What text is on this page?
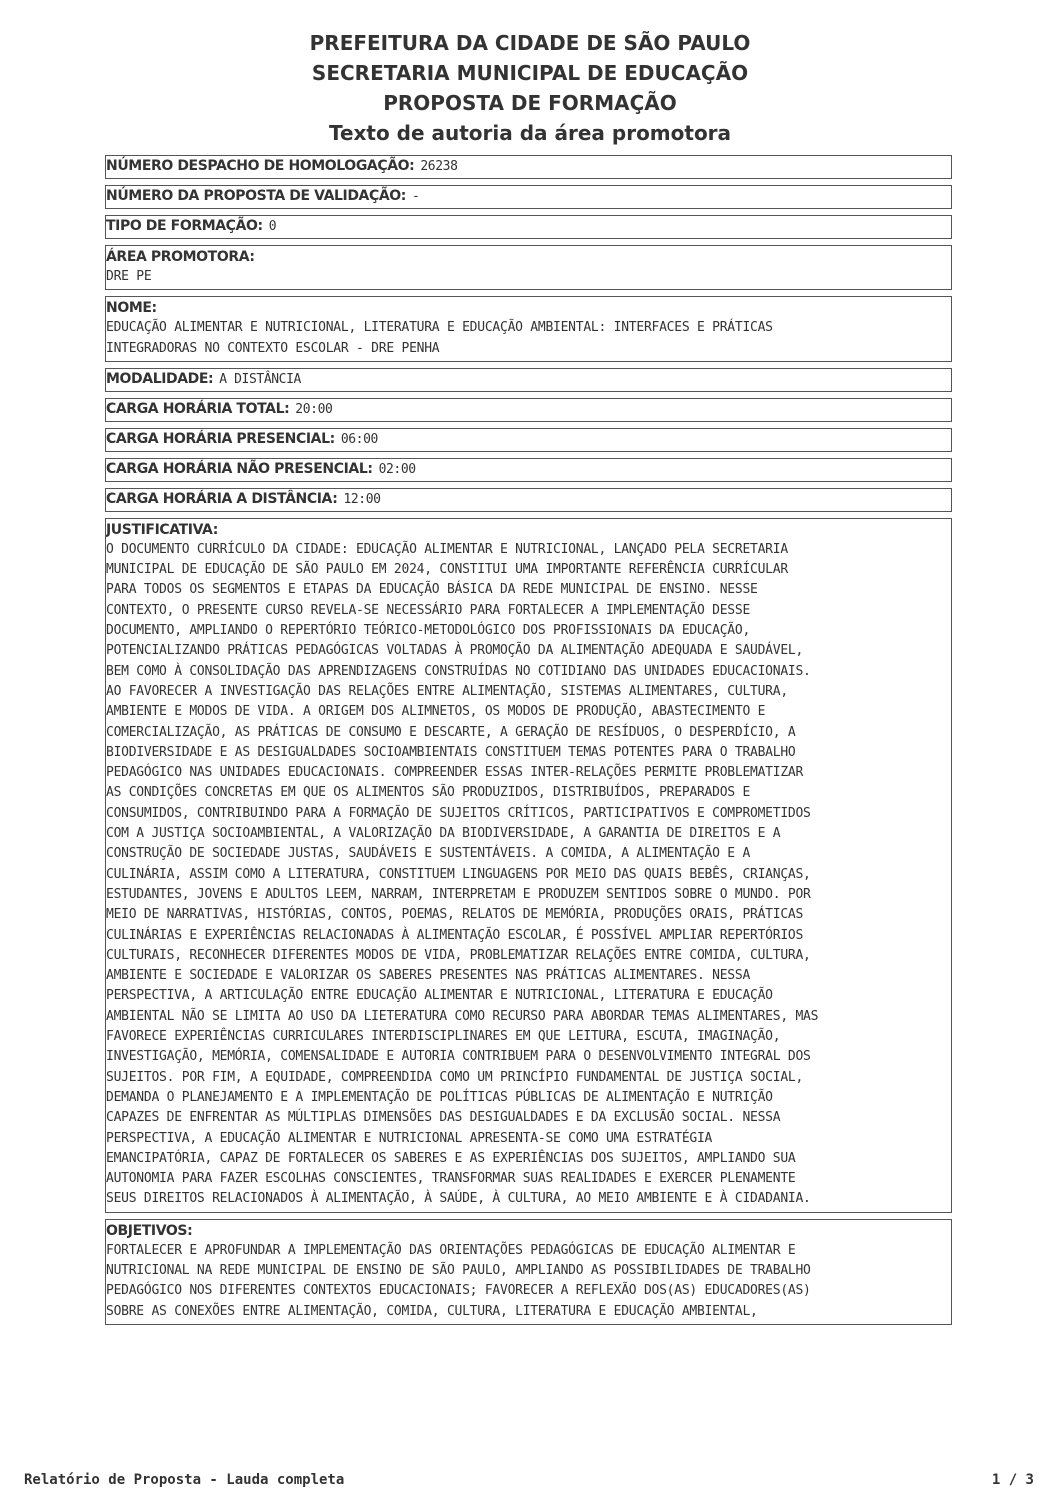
PREFEITURA DA CIDADE DE SÃO PAULO
SECRETARIA MUNICIPAL DE EDUCAÇÃO
PROPOSTA DE FORMAÇÃO
Texto de autoria da área promotora
NÚMERO DESPACHO DE HOMOLOGAÇÃO: 26238
NÚMERO DA PROPOSTA DE VALIDAÇÃO: -
TIPO DE FORMAÇÃO: 0
ÁREA PROMOTORA:
DRE PE
NOME:
EDUCAÇÃO ALIMENTAR E NUTRICIONAL, LITERATURA E EDUCAÇÃO AMBIENTAL: INTERFACES E PRÁTICAS
INTEGRADORAS NO CONTEXTO ESCOLAR - DRE PENHA
MODALIDADE: A DISTÂNCIA
CARGA HORÁRIA TOTAL: 20:00
CARGA HORÁRIA PRESENCIAL: 06:00
CARGA HORÁRIA NÃO PRESENCIAL: 02:00
CARGA HORÁRIA A DISTÂNCIA: 12:00
JUSTIFICATIVA:
O DOCUMENTO CURRÍCULO DA CIDADE: EDUCAÇÃO ALIMENTAR E NUTRICIONAL, LANÇADO PELA SECRETARIA
MUNICIPAL DE EDUCAÇÃO DE SÃO PAULO EM 2024, CONSTITUI UMA IMPORTANTE REFERÊNCIA CURRÍCULAR
PARA TODOS OS SEGMENTOS E ETAPAS DA EDUCAÇÃO BÁSICA DA REDE MUNICIPAL DE ENSINO. NESSE
CONTEXTO, O PRESENTE CURSO REVELA-SE NECESSÁRIO PARA FORTALECER A IMPLEMENTAÇÃO DESSE
DOCUMENTO, AMPLIANDO O REPERTÓRIO TEÓRICO-METODOLÓGICO DOS PROFISSIONAIS DA EDUCAÇÃO,
POTENCIALIZANDO PRÁTICAS PEDAGÓGICAS VOLTADAS À PROMOÇÃO DA ALIMENTAÇÃO ADEQUADA E SAUDÁVEL,
BEM COMO À CONSOLIDAÇÃO DAS APRENDIZAGENS CONSTRUÍDAS NO COTIDIANO DAS UNIDADES EDUCACIONAIS.
AO FAVORECER A INVESTIGAÇÃO DAS RELAÇÕES ENTRE ALIMENTAÇÃO, SISTEMAS ALIMENTARES, CULTURA,
AMBIENTE E MODOS DE VIDA. A ORIGEM DOS ALIMNETOS, OS MODOS DE PRODUÇÃO, ABASTECIMENTO E
COMERCIALIZAÇÃO, AS PRÁTICAS DE CONSUMO E DESCARTE, A GERAÇÃO DE RESÍDUOS, O DESPERDÍCIO, A
BIODIVERSIDADE E AS DESIGUALDADES SOCIOAMBIENTAIS CONSTITUEM TEMAS POTENTES PARA O TRABALHO
PEDAGÓGICO NAS UNIDADES EDUCACIONAIS. COMPREENDER ESSAS INTER-RELAÇÕES PERMITE PROBLEMATIZAR
AS CONDIÇÕES CONCRETAS EM QUE OS ALIMENTOS SÃO PRODUZIDOS, DISTRIBUÍDOS, PREPARADOS E
CONSUMIDOS, CONTRIBUINDO PARA A FORMAÇÃO DE SUJEITOS CRÍTICOS, PARTICIPATIVOS E COMPROMETIDOS
COM A JUSTIÇA SOCIOAMBIENTAL, A VALORIZAÇÃO DA BIODIVERSIDADE, A GARANTIA DE DIREITOS E A
CONSTRUÇÃO DE SOCIEDADE JUSTAS, SAUDÁVEIS E SUSTENTÁVEIS. A COMIDA, A ALIMENTAÇÃO E A
CULINÁRIA, ASSIM COMO A LITERATURA, CONSTITUEM LINGUAGENS POR MEIO DAS QUAIS BEBÊS, CRIANÇAS,
ESTUDANTES, JOVENS E ADULTOS LEEM, NARRAM, INTERPRETAM E PRODUZEM SENTIDOS SOBRE O MUNDO. POR
MEIO DE NARRATIVAS, HISTÓRIAS, CONTOS, POEMAS, RELATOS DE MEMÓRIA, PRODUÇÕES ORAIS, PRÁTICAS
CULINÁRIAS E EXPERIÊNCIAS RELACIONADAS À ALIMENTAÇÃO ESCOLAR, É POSSÍVEL AMPLIAR REPERTÓRIOS
CULTURAIS, RECONHECER DIFERENTES MODOS DE VIDA, PROBLEMATIZAR RELAÇÕES ENTRE COMIDA, CULTURA,
AMBIENTE E SOCIEDADE E VALORIZAR OS SABERES PRESENTES NAS PRÁTICAS ALIMENTARES. NESSA
PERSPECTIVA, A ARTICULAÇÃO ENTRE EDUCAÇÃO ALIMENTAR E NUTRICIONAL, LITERATURA E EDUCAÇÃO
AMBIENTAL NÃO SE LIMITA AO USO DA LIETERATURA COMO RECURSO PARA ABORDAR TEMAS ALIMENTARES, MAS
FAVORECE EXPERIÊNCIAS CURRICULARES INTERDISCIPLINARES EM QUE LEITURA, ESCUTA, IMAGINAÇÃO,
INVESTIGAÇÃO, MEMÓRIA, COMENSALIDADE E AUTORIA CONTRIBUEM PARA O DESENVOLVIMENTO INTEGRAL DOS
SUJEITOS. POR FIM, A EQUIDADE, COMPREENDIDA COMO UM PRINCÍPIO FUNDAMENTAL DE JUSTIÇA SOCIAL,
DEMANDA O PLANEJAMENTO E A IMPLEMENTAÇÃO DE POLÍTICAS PÚBLICAS DE ALIMENTAÇÃO E NUTRIÇÃO
CAPAZES DE ENFRENTAR AS MÚLTIPLAS DIMENSÕES DAS DESIGUALDADES E DA EXCLUSÃO SOCIAL. NESSA
PERSPECTIVA, A EDUCAÇÃO ALIMENTAR E NUTRICIONAL APRESENTA-SE COMO UMA ESTRATÉGIA
EMANCIPATÓRIA, CAPAZ DE FORTALECER OS SABERES E AS EXPERIÊNCIAS DOS SUJEITOS, AMPLIANDO SUA
AUTONOMIA PARA FAZER ESCOLHAS CONSCIENTES, TRANSFORMAR SUAS REALIDADES E EXERCER PLENAMENTE
SEUS DIREITOS RELACIONADOS À ALIMENTAÇÃO, À SAÚDE, À CULTURA, AO MEIO AMBIENTE E À CIDADANIA.
OBJETIVOS:
FORTALECER E APROFUNDAR A IMPLEMENTAÇÃO DAS ORIENTAÇÕES PEDAGÓGICAS DE EDUCAÇÃO ALIMENTAR E
NUTRICIONAL NA REDE MUNICIPAL DE ENSINO DE SÃO PAULO, AMPLIANDO AS POSSIBILIDADES DE TRABALHO
PEDAGÓGICO NOS DIFERENTES CONTEXTOS EDUCACIONAIS; FAVORECER A REFLEXÃO DOS(AS) EDUCADORES(AS)
SOBRE AS CONEXÕES ENTRE ALIMENTAÇÃO, COMIDA, CULTURA, LITERATURA E EDUCAÇÃO AMBIENTAL,
Relatório de Proposta - Lauda completa	1 / 3
